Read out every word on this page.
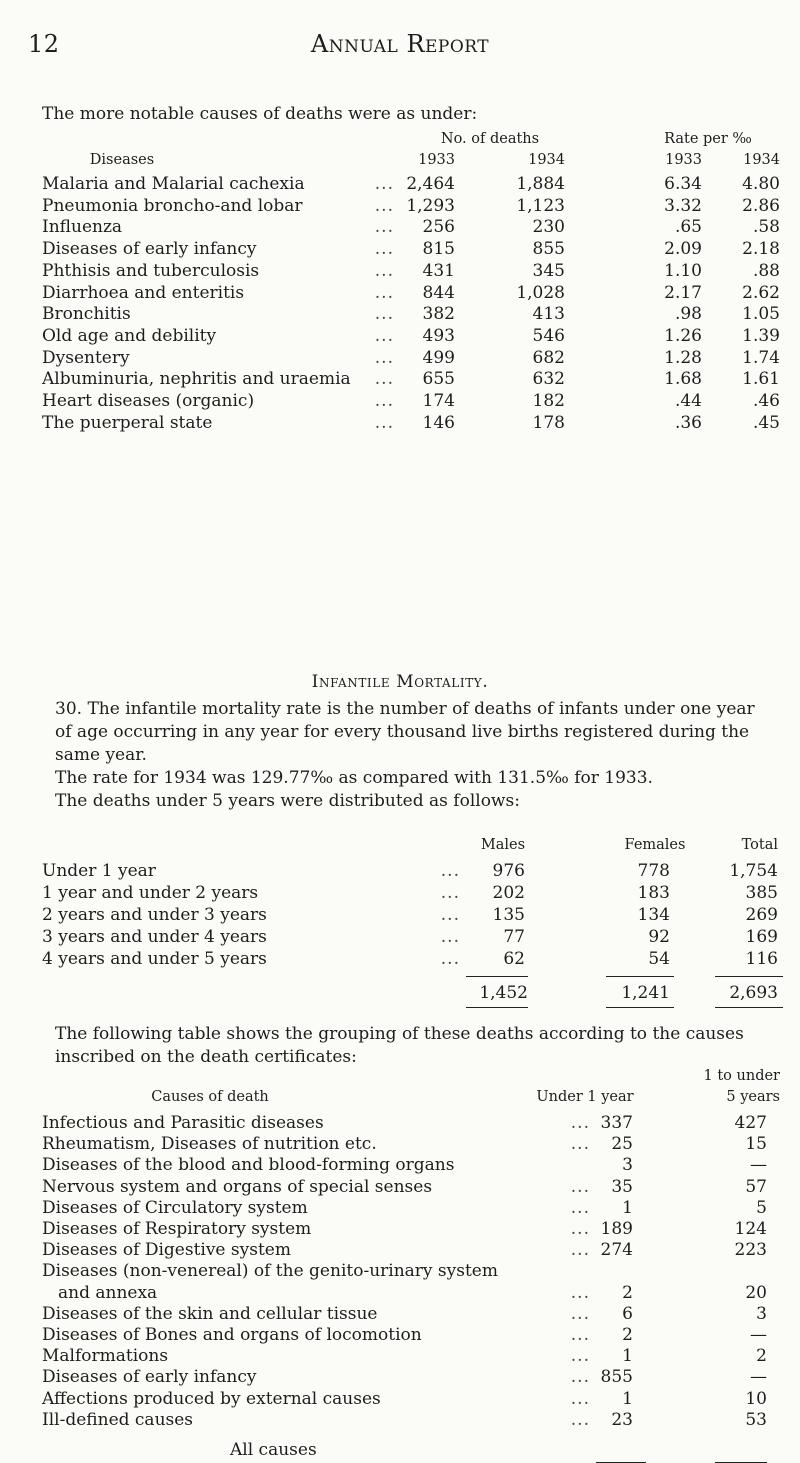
12	Annual Report
The more notable causes of deaths were as under:
Infantile Mortality.
30. The infantile mortality rate is the number of deaths of infants under one year of age occurring in any year for every thousand live births registered during the same year.
The rate for 1934 was 129.77‰ as compared with 131.5‰ for 1933.
The deaths under 5 years were distributed as follows:
The following table shows the grouping of these deaths according to the causes inscribed on the death certificates:
No. of deaths	Rate per ‰
Diseases	1933	1934	1933	1934
Malaria and Malarial cachexia	... 2,464	1,884	6.34	4.80
Pneumonia broncho-and lobar	... 1,293	1,123	3.32	2.86
Influenza	...	256	230	.65	.58
Diseases of early infancy	...	815	855	2.09	2.18
Phthisis and tuberculosis	...	431	345	1.10	.88
Diarrhoea and enteritis	...	844	1,028	2.17	2.62
Bronchitis	...	382	413	.98	1.05
Old age and debility	...	493	546	1.26	1.39
Dysentery	...	499	682	1.28	1.74
Albuminuria, nephritis and uraemia ...	655	632	1.68	1.61
Heart diseases (organic)	...	174	182	.44	.46
The puerperal state	...	146	178	.36	.45
Males	Females	Total
Under 1 year	...	976	778	1,754
1 year and under 2 years	...	202	183	385
2 years and under 3 years	...	135	134	269
3 years and under 4 years	...	77	92	169
4 years and under 5 years	...	62	54	116
1,452	1,241	2,693
1 to under
Causes of death	Under 1 year	5 years
Infectious and Parasitic diseases	... 337	427
Rheumatism, Diseases of nutrition etc.	...	25	15
Diseases of the blood and blood-forming organs	3	—
Nervous system and organs of special senses	...	35	57
Diseases of Circulatory system	...	1	5
Diseases of Respiratory system	... 189	124
Diseases of Digestive system	... 274	223
Diseases (non-venereal) of the genito-urinary system
and annexa	...	2	20
Diseases of the skin and cellular tissue	...	6	3
Diseases of Bones and organs of locomotion	...	2	—
Malformations	...	1	2
Diseases of early infancy	... 855	—
Affections produced by external causes	...	1	10
Ill-defined causes	...	23	53
All causes
